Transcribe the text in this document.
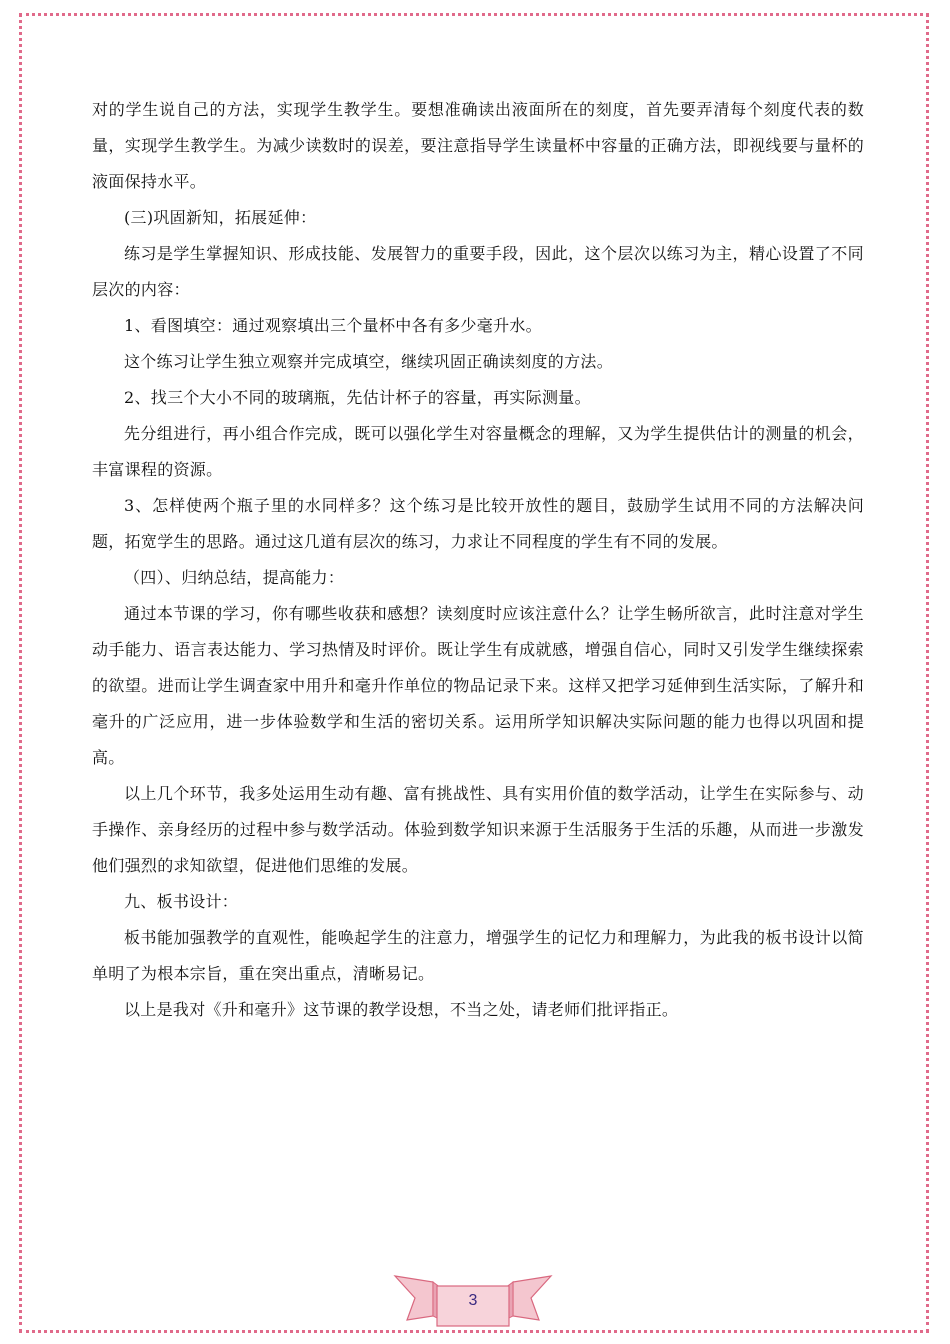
对的学生说自己的方法，实现学生教学生。要想准确读出液面所在的刻度，首先要弄清每个刻度代表的数量，实现学生教学生。为减少读数时的误差，要注意指导学生读量杯中容量的正确方法，即视线要与量杯的液面保持水平。

(三)巩固新知，拓展延伸：

练习是学生掌握知识、形成技能、发展智力的重要手段，因此，这个层次以练习为主，精心设置了不同层次的内容：

1、看图填空：通过观察填出三个量杯中各有多少毫升水。

这个练习让学生独立观察并完成填空，继续巩固正确读刻度的方法。

2、找三个大小不同的玻璃瓶，先估计杯子的容量，再实际测量。

先分组进行，再小组合作完成，既可以强化学生对容量概念的理解，又为学生提供估计的测量的机会，丰富课程的资源。

3、怎样使两个瓶子里的水同样多？这个练习是比较开放性的题目，鼓励学生试用不同的方法解决问题，拓宽学生的思路。通过这几道有层次的练习，力求让不同程度的学生有不同的发展。

（四）、归纳总结，提高能力：

通过本节课的学习，你有哪些收获和感想？读刻度时应该注意什么？让学生畅所欲言，此时注意对学生动手能力、语言表达能力、学习热情及时评价。既让学生有成就感，增强自信心，同时又引发学生继续探索的欲望。进而让学生调查家中用升和毫升作单位的物品记录下来。这样又把学习延伸到生活实际，了解升和毫升的广泛应用，进一步体验数学和生活的密切关系。运用所学知识解决实际问题的能力也得以巩固和提高。

以上几个环节，我多处运用生动有趣、富有挑战性、具有实用价值的数学活动，让学生在实际参与、动手操作、亲身经历的过程中参与数学活动。体验到数学知识来源于生活服务于生活的乐趣，从而进一步激发他们强烈的求知欲望，促进他们思维的发展。

九、板书设计：

板书能加强教学的直观性，能唤起学生的注意力，增强学生的记忆力和理解力，为此我的板书设计以简单明了为根本宗旨，重在突出重点，清晰易记。

以上是我对《升和毫升》这节课的教学设想，不当之处，请老师们批评指正。

3
